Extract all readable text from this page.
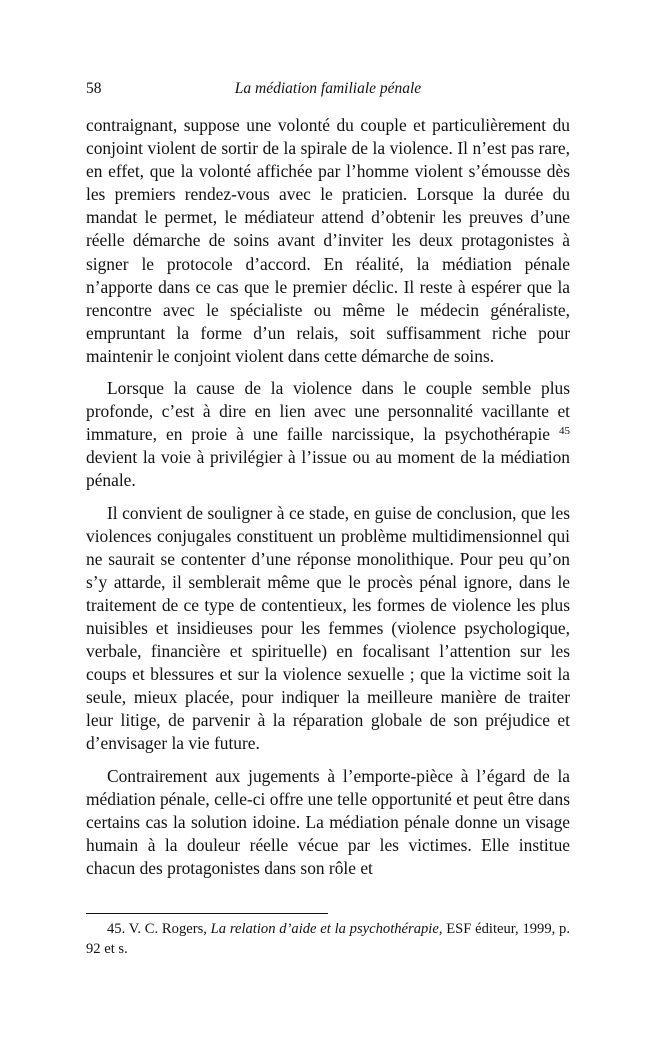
58	La médiation familiale pénale

contraignant, suppose une volonté du couple et particulièrement du conjoint violent de sortir de la spirale de la violence. Il n’est pas rare, en effet, que la volonté affichée par l’homme violent s’émousse dès les premiers rendez-vous avec le praticien. Lorsque la durée du mandat le permet, le médiateur attend d’obtenir les preuves d’une réelle démarche de soins avant d’inviter les deux protagonistes à signer le protocole d’accord. En réalité, la médiation pénale n’apporte dans ce cas que le premier déclic. Il reste à espérer que la rencontre avec le spécialiste ou même le médecin généraliste, empruntant la forme d’un relais, soit suffisamment riche pour maintenir le conjoint violent dans cette démarche de soins.

Lorsque la cause de la violence dans le couple semble plus profonde, c’est à dire en lien avec une personnalité vacillante et immature, en proie à une faille narcissique, la psychothérapie $^{45}$ devient la voie à privilégier à l’issue ou au moment de la médiation pénale.

Il convient de souligner à ce stade, en guise de conclusion, que les violences conjugales constituent un problème multidimensionnel qui ne saurait se contenter d’une réponse monolithique. Pour peu qu’on s’y attarde, il semblerait même que le procès pénal ignore, dans le traitement de ce type de contentieux, les formes de violence les plus nuisibles et insidieuses pour les femmes (violence psychologique, verbale, financière et spirituelle) en focalisant l’attention sur les coups et blessures et sur la violence sexuelle ; que la victime soit la seule, mieux placée, pour indiquer la meilleure manière de traiter leur litige, de parvenir à la réparation globale de son préjudice et d’envisager la vie future.

Contrairement aux jugements à l’emporte-pièce à l’égard de la médiation pénale, celle-ci offre une telle opportunité et peut être dans certains cas la solution idoine. La médiation pénale donne un visage humain à la douleur réelle vécue par les victimes. Elle institue chacun des protagonistes dans son rôle et

45. V. C. Rogers, La relation d’aide et la psychothérapie, ESF éditeur, 1999, p. 92 et s.
